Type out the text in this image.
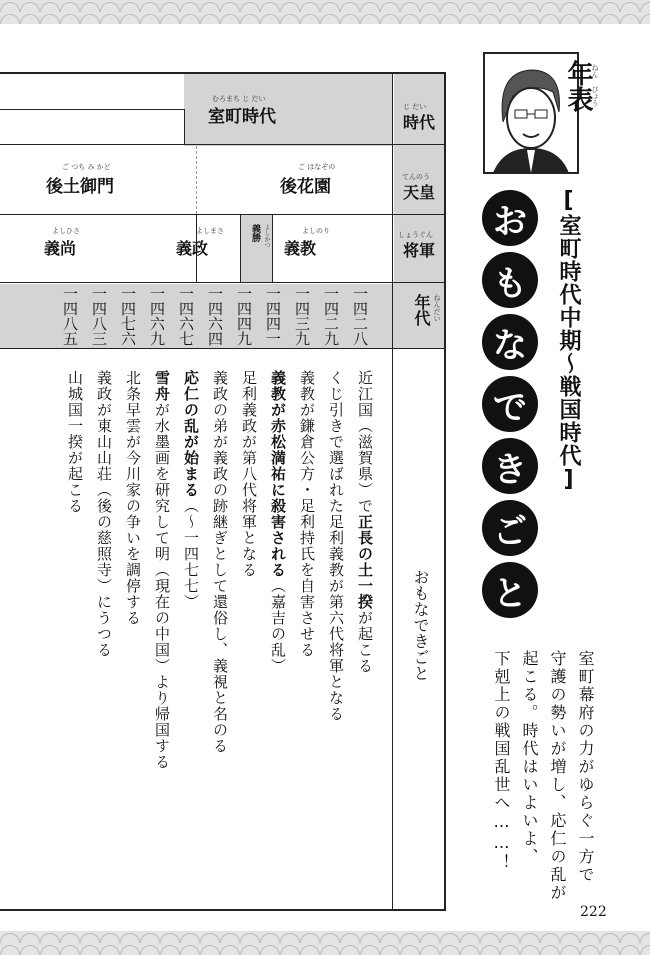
じ だい
時代
てんのう
天皇
しょうぐん
将軍
年代 ねんだい
おもなできごと
むろまち じ だい
室町時代
ご はなぞの
後花園
ご つち み かど
後土御門
よしのり
義教
義勝 よしかつ
よしまさ
義政
よしひさ
義尚
一四二八
一四二九
一四三九
一四四一
一四四九
一四六四
一四六七
一四六九
一四七六
一四八三
一四八五
近江国（滋賀県）で正長の土一揆が起こる
くじ引きで選ばれた足利義教が第六代将軍となる
義教が鎌倉公方・足利持氏を自害させる
義教が赤松満祐に殺害される（嘉吉の乱）
足利義政が第八代将軍となる
義政の弟が義政の跡継ぎとして還俗し、義視と名のる
応仁の乱が始まる（〜一四七七）
雪舟が水墨画を研究して明（現在の中国）より帰国する
北条早雲が今川家の争いを調停する
義政が東山山荘（後の慈照寺）にうつる
山城国一揆が起こる
年表
ねん ぴょう
[室町時代中期〜戦国時代]
お
も
な
で
き
ご
と
室町幕府の力がゆらぐ一方で
守護の勢いが増し、応仁の乱が
起こる。時代はいよいよ、
下剋上の戦国乱世へ……！
222
